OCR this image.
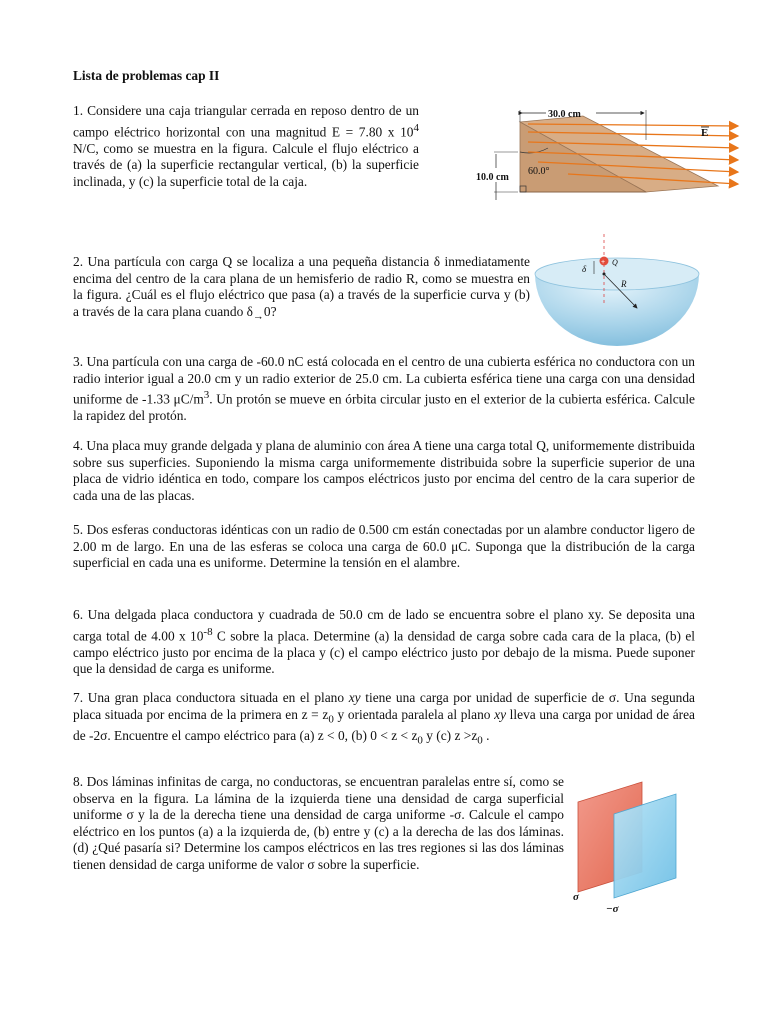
Lista de problemas cap II

1. Considere una caja triangular cerrada en reposo dentro de un campo eléctrico horizontal con una magnitud E = 7.80 x $10^4$ N/C, como se muestra en la figura. Calcule el flujo eléctrico a través de (a) la superficie rectangular vertical, (b) la superficie inclinada, y (c) la superficie total de la caja.

60.0°
E
30.0 cm
10.0 cm

2. Una partícula con carga Q se localiza a una pequeña distancia δ inmediatamente encima del centro de la cara plana de un hemisferio de radio R, como se muestra en la figura. ¿Cuál es el flujo eléctrico que pasa (a) a través de la superficie curva y (b) a través de la cara plana cuando $\delta_\to 0$?

+ Q
δ
R

3. Una partícula con una carga de -60.0 nC está colocada en el centro de una cubierta esférica no conductora con un radio interior igual a 20.0 cm y un radio exterior de 25.0 cm. La cubierta esférica tiene una carga con una densidad uniforme de -1.33 $\mu C/m^3$. Un protón se mueve en órbita circular justo en el exterior de la cubierta esférica. Calcule la rapidez del protón.

4. Una placa muy grande delgada y plana de aluminio con área A tiene una carga total Q, uniformemente distribuida sobre sus superficies. Suponiendo la misma carga uniformemente distribuida sobre la superficie superior de una placa de vidrio idéntica en todo, compare los campos eléctricos justo por encima del centro de la cara superior de cada una de las placas.

5. Dos esferas conductoras idénticas con un radio de 0.500 cm están conectadas por un alambre conductor ligero de 2.00 m de largo. En una de las esferas se coloca una carga de 60.0 μC. Suponga que la distribución de la carga superficial en cada una es uniforme. Determine la tensión en el alambre.

6. Una delgada placa conductora y cuadrada de 50.0 cm de lado se encuentra sobre el plano xy. Se deposita una carga total de 4.00 x $10^{-8}$ C sobre la placa. Determine (a) la densidad de carga sobre cada cara de la placa, (b) el campo eléctrico justo por encima de la placa y (c) el campo eléctrico justo por debajo de la misma. Puede suponer que la densidad de carga es uniforme.

7. Una gran placa conductora situada en el plano xy tiene una carga por unidad de superficie de σ. Una segunda placa situada por encima de la primera en $z = z_0$ y orientada paralela al plano xy lleva una carga por unidad de área de -2σ. Encuentre el campo eléctrico para (a) z < 0, (b) $0 < z < z_0$ y (c) $z >z_0$ .

8. Dos láminas infinitas de carga, no conductoras, se encuentran paralelas entre sí, como se observa en la figura. La lámina de la izquierda tiene una densidad de carga superficial uniforme σ y la de la derecha tiene una densidad de carga uniforme -σ. Calcule el campo eléctrico en los puntos (a) a la izquierda de, (b) entre y (c) a la derecha de las dos láminas. (d) ¿Qué pasaría si? Determine los campos eléctricos en las tres regiones si las dos láminas tienen densidad de carga uniforme de valor σ sobre la superficie.

σ
−σ
